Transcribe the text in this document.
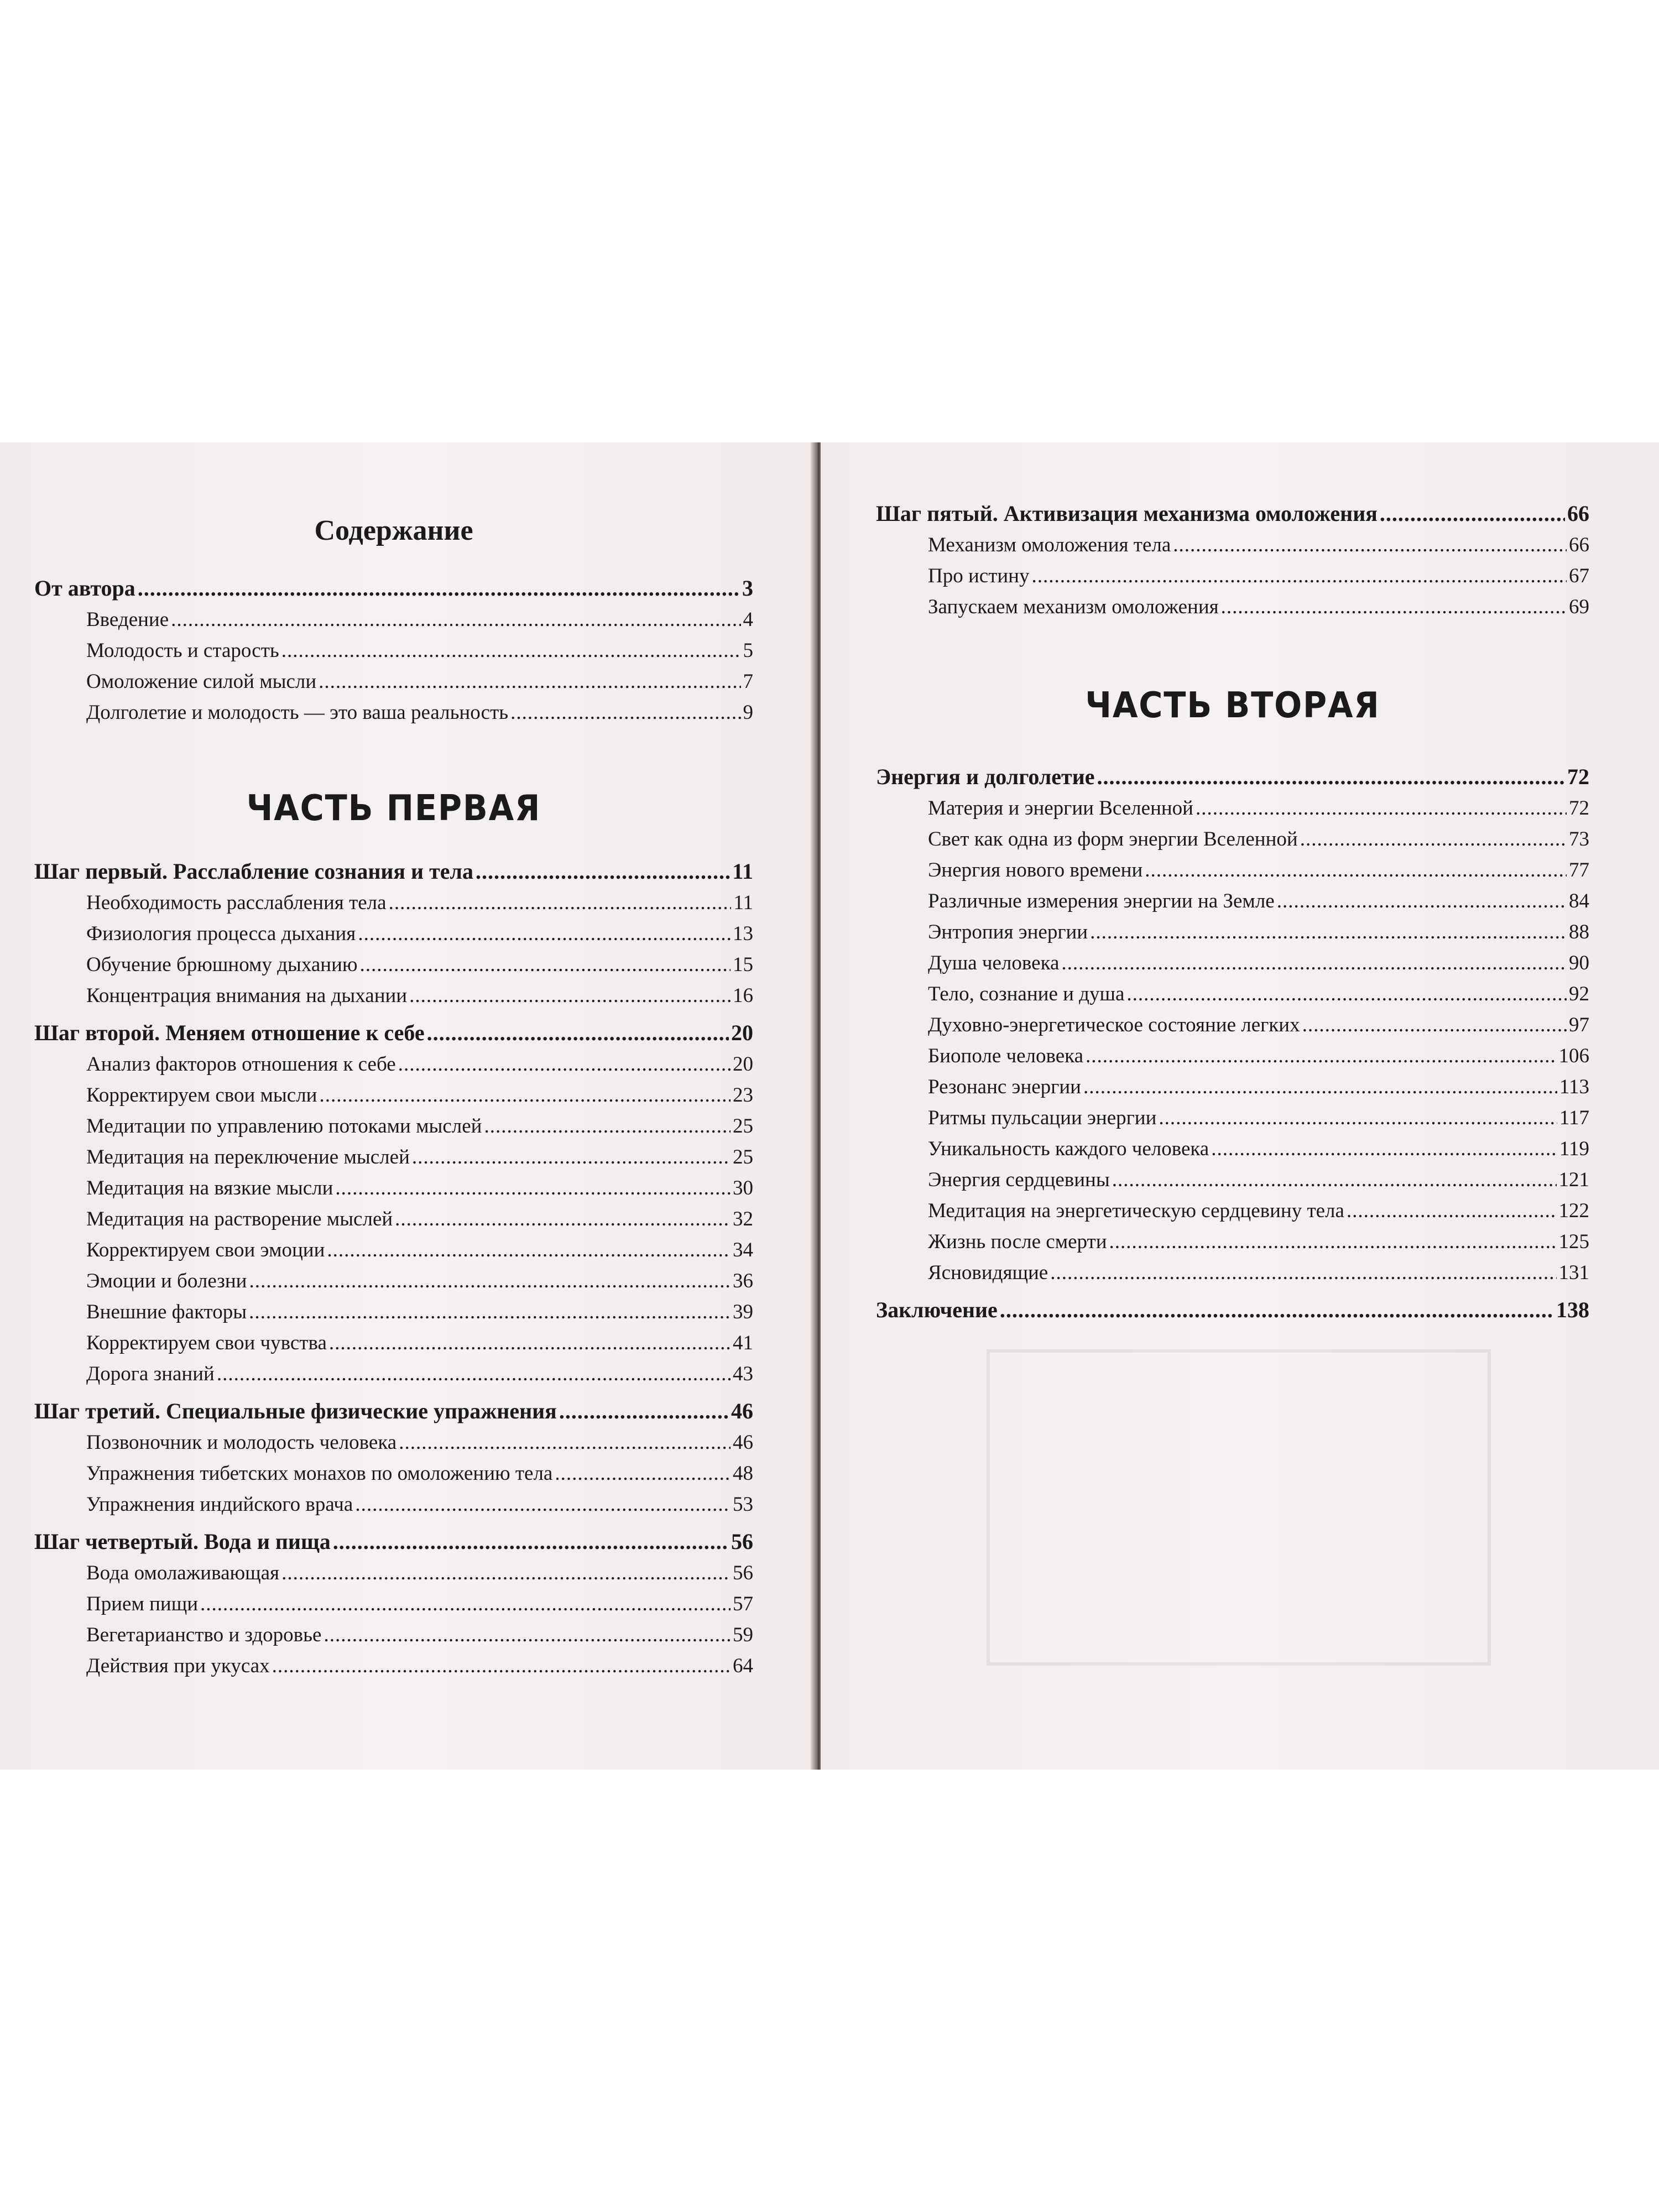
Содержание
От автора .....	3
Введение .....	4
Молодость и старость .....	5
Омоложение силой мысли .....	7
Долголетие и молодость — это ваша реальность .....	9
ЧАСТЬ ПЕРВАЯ
Шаг первый. Расслабление сознания и тела .....	11
Необходимость расслабления тела .....	11
Физиология процесса дыхания .....	13
Обучение брюшному дыханию .....	15
Концентрация внимания на дыхании .....	16
Шаг второй. Меняем отношение к себе .....	20
Анализ факторов отношения к себе .....	20
Корректируем свои мысли .....	23
Медитации по управлению потоками мыслей .....	25
Медитация на переключение мыслей .....	25
Медитация на вязкие мысли .....	30
Медитация на растворение мыслей .....	32
Корректируем свои эмоции .....	34
Эмоции и болезни .....	36
Внешние факторы .....	39
Корректируем свои чувства .....	41
Дорога знаний .....	43
Шаг третий. Специальные физические упражнения .....	46
Позвоночник и молодость человека .....	46
Упражнения тибетских монахов по омоложению тела .....	48
Упражнения индийского врача .....	53
Шаг четвертый. Вода и пища .....	56
Вода омолаживающая .....	56
Прием пищи .....	57
Вегетарианство и здоровье .....	59
Действия при укусах .....	64
Шаг пятый. Активизация механизма омоложения .....	66
Механизм омоложения тела .....	66
Про истину .....	67
Запускаем механизм омоложения .....	69
ЧАСТЬ ВТОРАЯ
Энергия и долголетие .....	72
Материя и энергии Вселенной .....	72
Свет как одна из форм энергии Вселенной .....	73
Энергия нового времени .....	77
Различные измерения энергии на Земле .....	84
Энтропия энергии .....	88
Душа человека .....	90
Тело, сознание и душа .....	92
Духовно-энергетическое состояние легких .....	97
Биополе человека .....	106
Резонанс энергии .....	113
Ритмы пульсации энергии .....	117
Уникальность каждого человека .....	119
Энергия сердцевины .....	121
Медитация на энергетическую сердцевину тела .....	122
Жизнь после смерти .....	125
Ясновидящие .....	131
Заключение .....	138
